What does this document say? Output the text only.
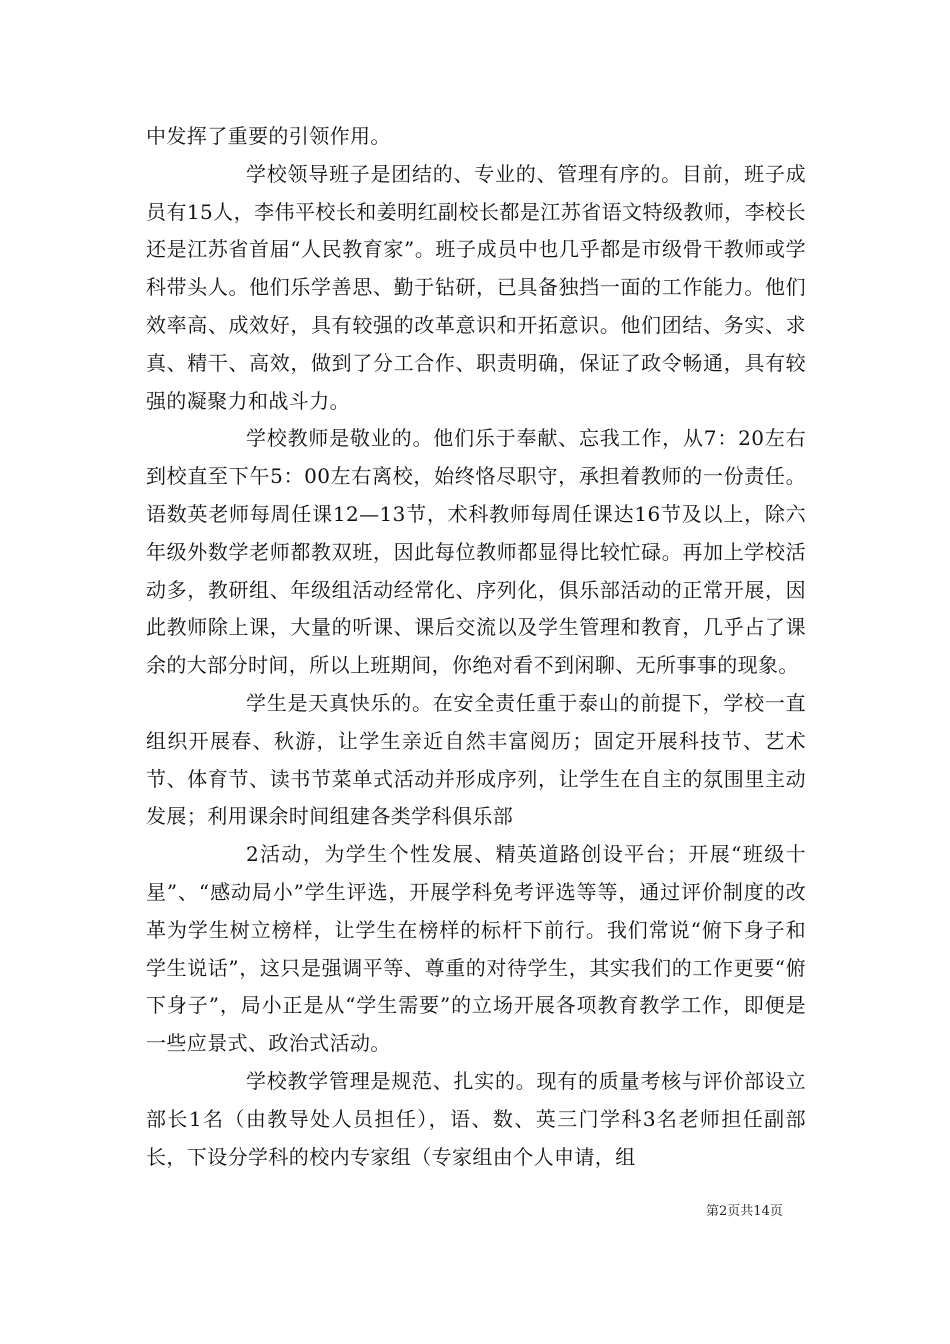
中发挥了重要的引领作用。

学校领导班子是团结的、专业的、管理有序的。目前，班子成员有15人，李伟平校长和姜明红副校长都是江苏省语文特级教师，李校长还是江苏省首届“人民教育家”。班子成员中也几乎都是市级骨干教师或学科带头人。他们乐学善思、勤于钻研，已具备独挡一面的工作能力。他们效率高、成效好，具有较强的改革意识和开拓意识。他们团结、务实、求真、精干、高效，做到了分工合作、职责明确，保证了政令畅通，具有较强的凝聚力和战斗力。

学校教师是敬业的。他们乐于奉献、忘我工作，从7：20左右到校直至下午5：00左右离校，始终恪尽职守，承担着教师的一份责任。语数英老师每周任课12—13节，术科教师每周任课达16节及以上，除六年级外数学老师都教双班，因此每位教师都显得比较忙碌。再加上学校活动多，教研组、年级组活动经常化、序列化，俱乐部活动的正常开展，因此教师除上课，大量的听课、课后交流以及学生管理和教育，几乎占了课余的大部分时间，所以上班期间，你绝对看不到闲聊、无所事事的现象。

学生是天真快乐的。在安全责任重于泰山的前提下，学校一直组织开展春、秋游，让学生亲近自然丰富阅历；固定开展科技节、艺术节、体育节、读书节菜单式活动并形成序列，让学生在自主的氛围里主动发展；利用课余时间组建各类学科俱乐部

2活动，为学生个性发展、精英道路创设平台；开展“班级十星”、“感动局小”学生评选，开展学科免考评选等等，通过评价制度的改革为学生树立榜样，让学生在榜样的标杆下前行。我们常说“俯下身子和学生说话”，这只是强调平等、尊重的对待学生，其实我们的工作更要“俯下身子”，局小正是从“学生需要”的立场开展各项教育教学工作，即便是一些应景式、政治式活动。

学校教学管理是规范、扎实的。现有的质量考核与评价部设立部长1名（由教导处人员担任），语、数、英三门学科3名老师担任副部长，下设分学科的校内专家组（专家组由个人申请，组

第2页共14页
